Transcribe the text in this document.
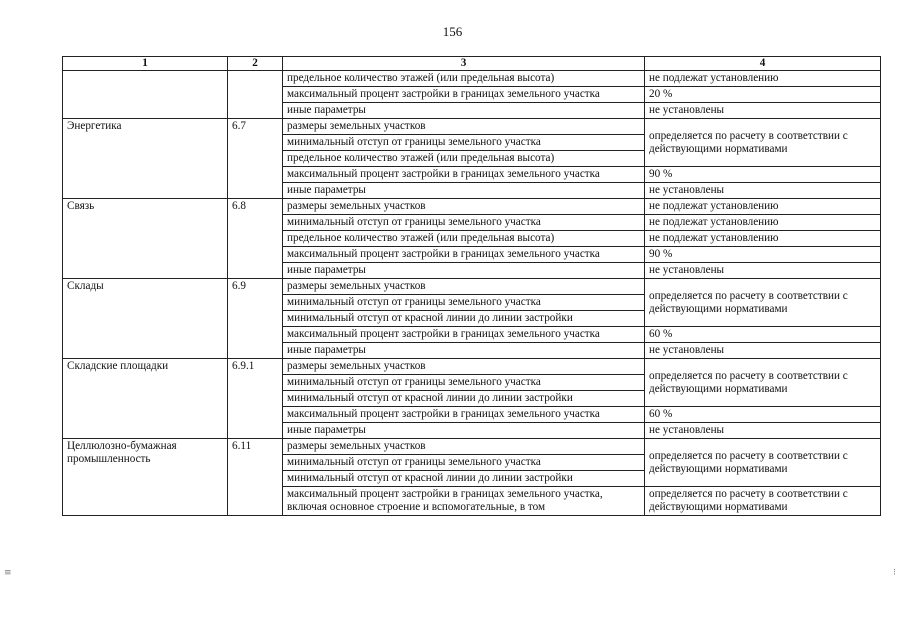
156
1	2	3	4
		предельное количество этажей (или предельная высота)	не подлежат установлению
		максимальный процент застройки в границах земельного участка	20 %
		иные параметры	не установлены
Энергетика	6.7	размеры земельных участков	определяется по расчету в соответствии с действующими нормативами
		минимальный отступ от границы земельного участка	
		предельное количество этажей (или предельная высота)	
		максимальный процент застройки в границах земельного участка	90 %
		иные параметры	не установлены
Связь	6.8	размеры земельных участков	не подлежат установлению
		минимальный отступ от границы земельного участка	не подлежат установлению
		предельное количество этажей (или предельная высота)	не подлежат установлению
		максимальный процент застройки в границах земельного участка	90 %
		иные параметры	не установлены
Склады	6.9	размеры земельных участков	определяется по расчету в соответствии с действующими нормативами
		минимальный отступ от границы земельного участка	
		минимальный отступ от красной линии до линии застройки	
		максимальный процент застройки в границах земельного участка	60 %
		иные параметры	не установлены
Складские площадки	6.9.1	размеры земельных участков	определяется по расчету в соответствии с действующими нормативами
		минимальный отступ от границы земельного участка	
		минимальный отступ от красной линии до линии застройки	
		максимальный процент застройки в границах земельного участка	60 %
		иные параметры	не установлены
Целлюлозно-бумажная промышленность	6.11	размеры земельных участков	определяется по расчету в соответствии с действующими нормативами
		минимальный отступ от границы земельного участка	
		минимальный отступ от красной линии до линии застройки	
		максимальный процент застройки в границах земельного участка, включая основное строение и вспомогательные, в том	определяется по расчету в соответствии с действующими нормативами
≡	⁝
